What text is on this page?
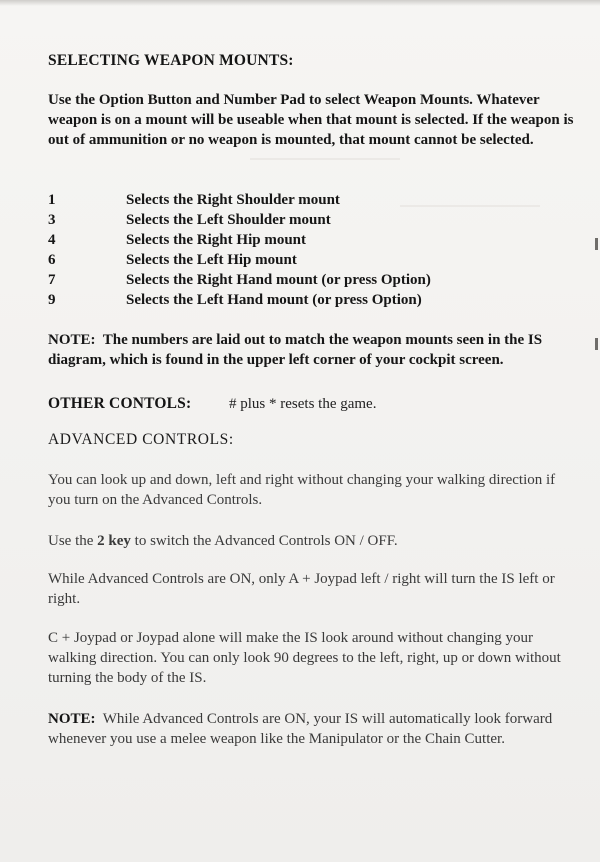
SELECTING WEAPON MOUNTS:
Use the Option Button and Number Pad to select Weapon Mounts. Whatever weapon is on a mount will be useable when that mount is selected. If the weapon is out of ammunition or no weapon is mounted, that mount cannot be selected.
1	Selects the Right Shoulder mount
3	Selects the Left Shoulder mount
4	Selects the Right Hip mount
6	Selects the Left Hip mount
7	Selects the Right Hand mount (or press Option)
9	Selects the Left Hand mount (or press Option)
NOTE: The numbers are laid out to match the weapon mounts seen in the IS diagram, which is found in the upper left corner of your cockpit screen.
OTHER CONTOLS:	# plus * resets the game.
ADVANCED CONTROLS:
You can look up and down, left and right without changing your walking direction if you turn on the Advanced Controls.
Use the 2 key to switch the Advanced Controls ON / OFF.
While Advanced Controls are ON, only A + Joypad left / right will turn the IS left or right.
C + Joypad or Joypad alone will make the IS look around without changing your walking direction. You can only look 90 degrees to the left, right, up or down without turning the body of the IS.
NOTE: While Advanced Controls are ON, your IS will automatically look forward whenever you use a melee weapon like the Manipulator or the Chain Cutter.
